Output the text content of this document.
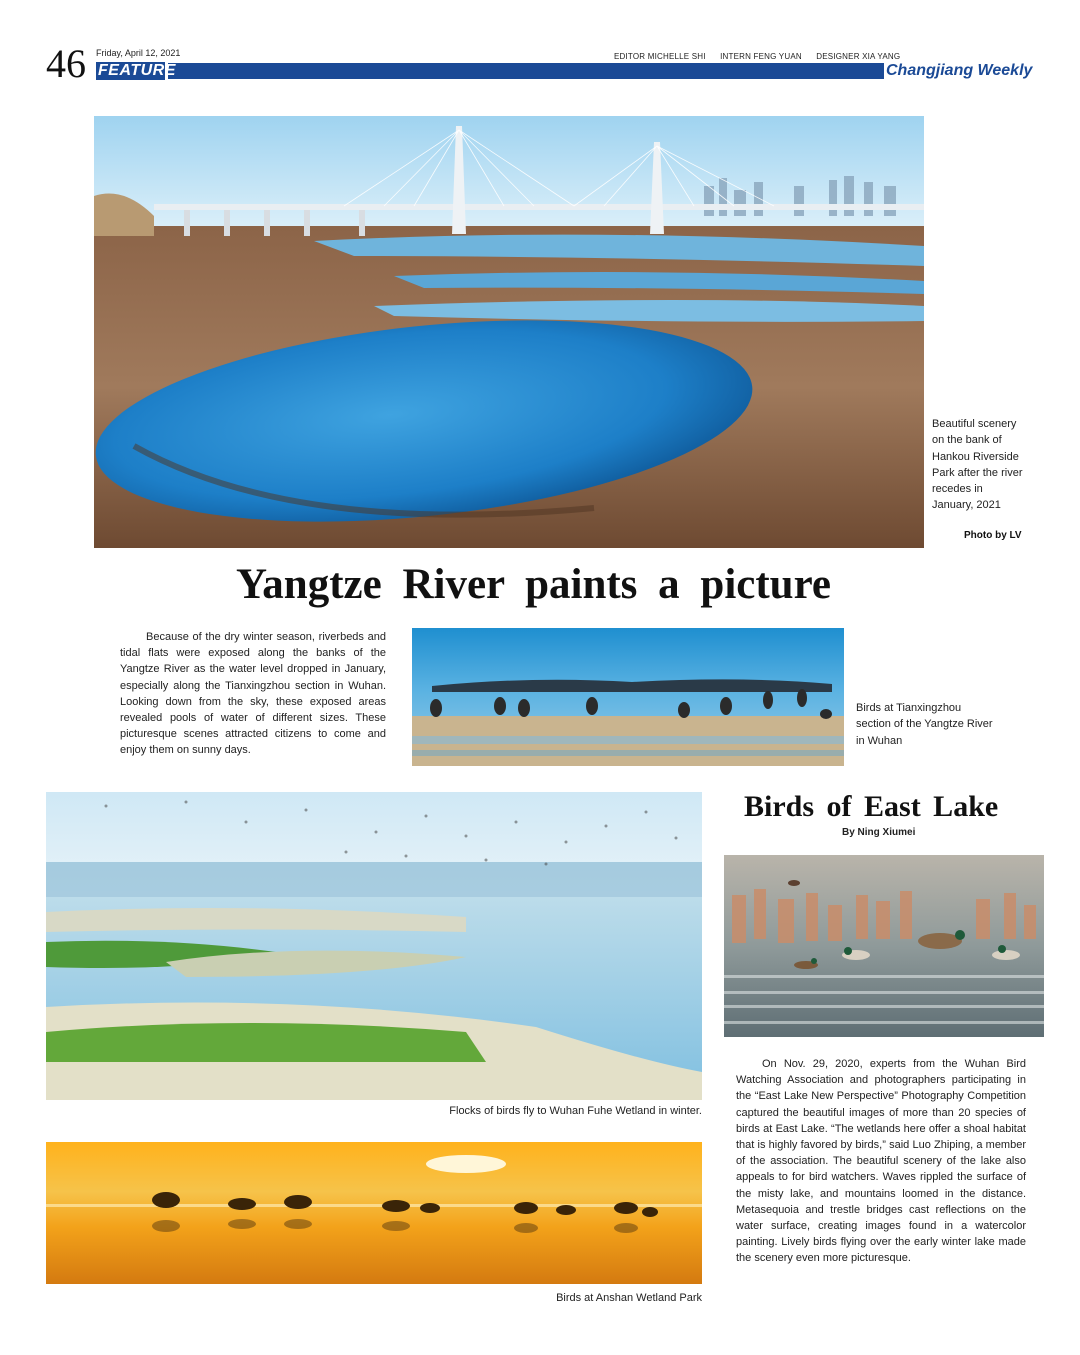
46 Friday, April 12, 2021	EDITOR MICHELLE SHI INTERN FENG YUAN DESIGNER XIA YANG
FEATURE	Changjiang Weekly
Beautiful scenery on the bank of Hankou Riverside Park after the river recedes in January, 2021
Photo by LV
Yangtze River paints a picture
Because of the dry winter season, riverbeds and tidal flats were exposed along the banks of the Yangtze River as the water level dropped in January, especially along the Tianxingzhou section in Wuhan. Looking down from the sky, these exposed areas revealed pools of water of different sizes. These picturesque scenes attracted citizens to come and enjoy them on sunny days.
Birds at Tianxingzhou section of the Yangtze River in Wuhan
Flocks of birds fly to Wuhan Fuhe Wetland in winter.
Birds at Anshan Wetland Park
Birds of East Lake
By Ning Xiumei
On Nov. 29, 2020, experts from the Wuhan Bird Watching Association and photographers participating in the “East Lake New Perspective” Photography Competition captured the beautiful images of more than 20 species of birds at East Lake. “The wetlands here offer a shoal habitat that is highly favored by birds,” said Luo Zhiping, a member of the association. The beautiful scenery of the lake also appeals to for bird watchers. Waves rippled the surface of the misty lake, and mountains loomed in the distance. Metasequoia and trestle bridges cast reflections on the water surface, creating images found in a watercolor painting. Lively birds flying over the early winter lake made the scenery even more picturesque.
